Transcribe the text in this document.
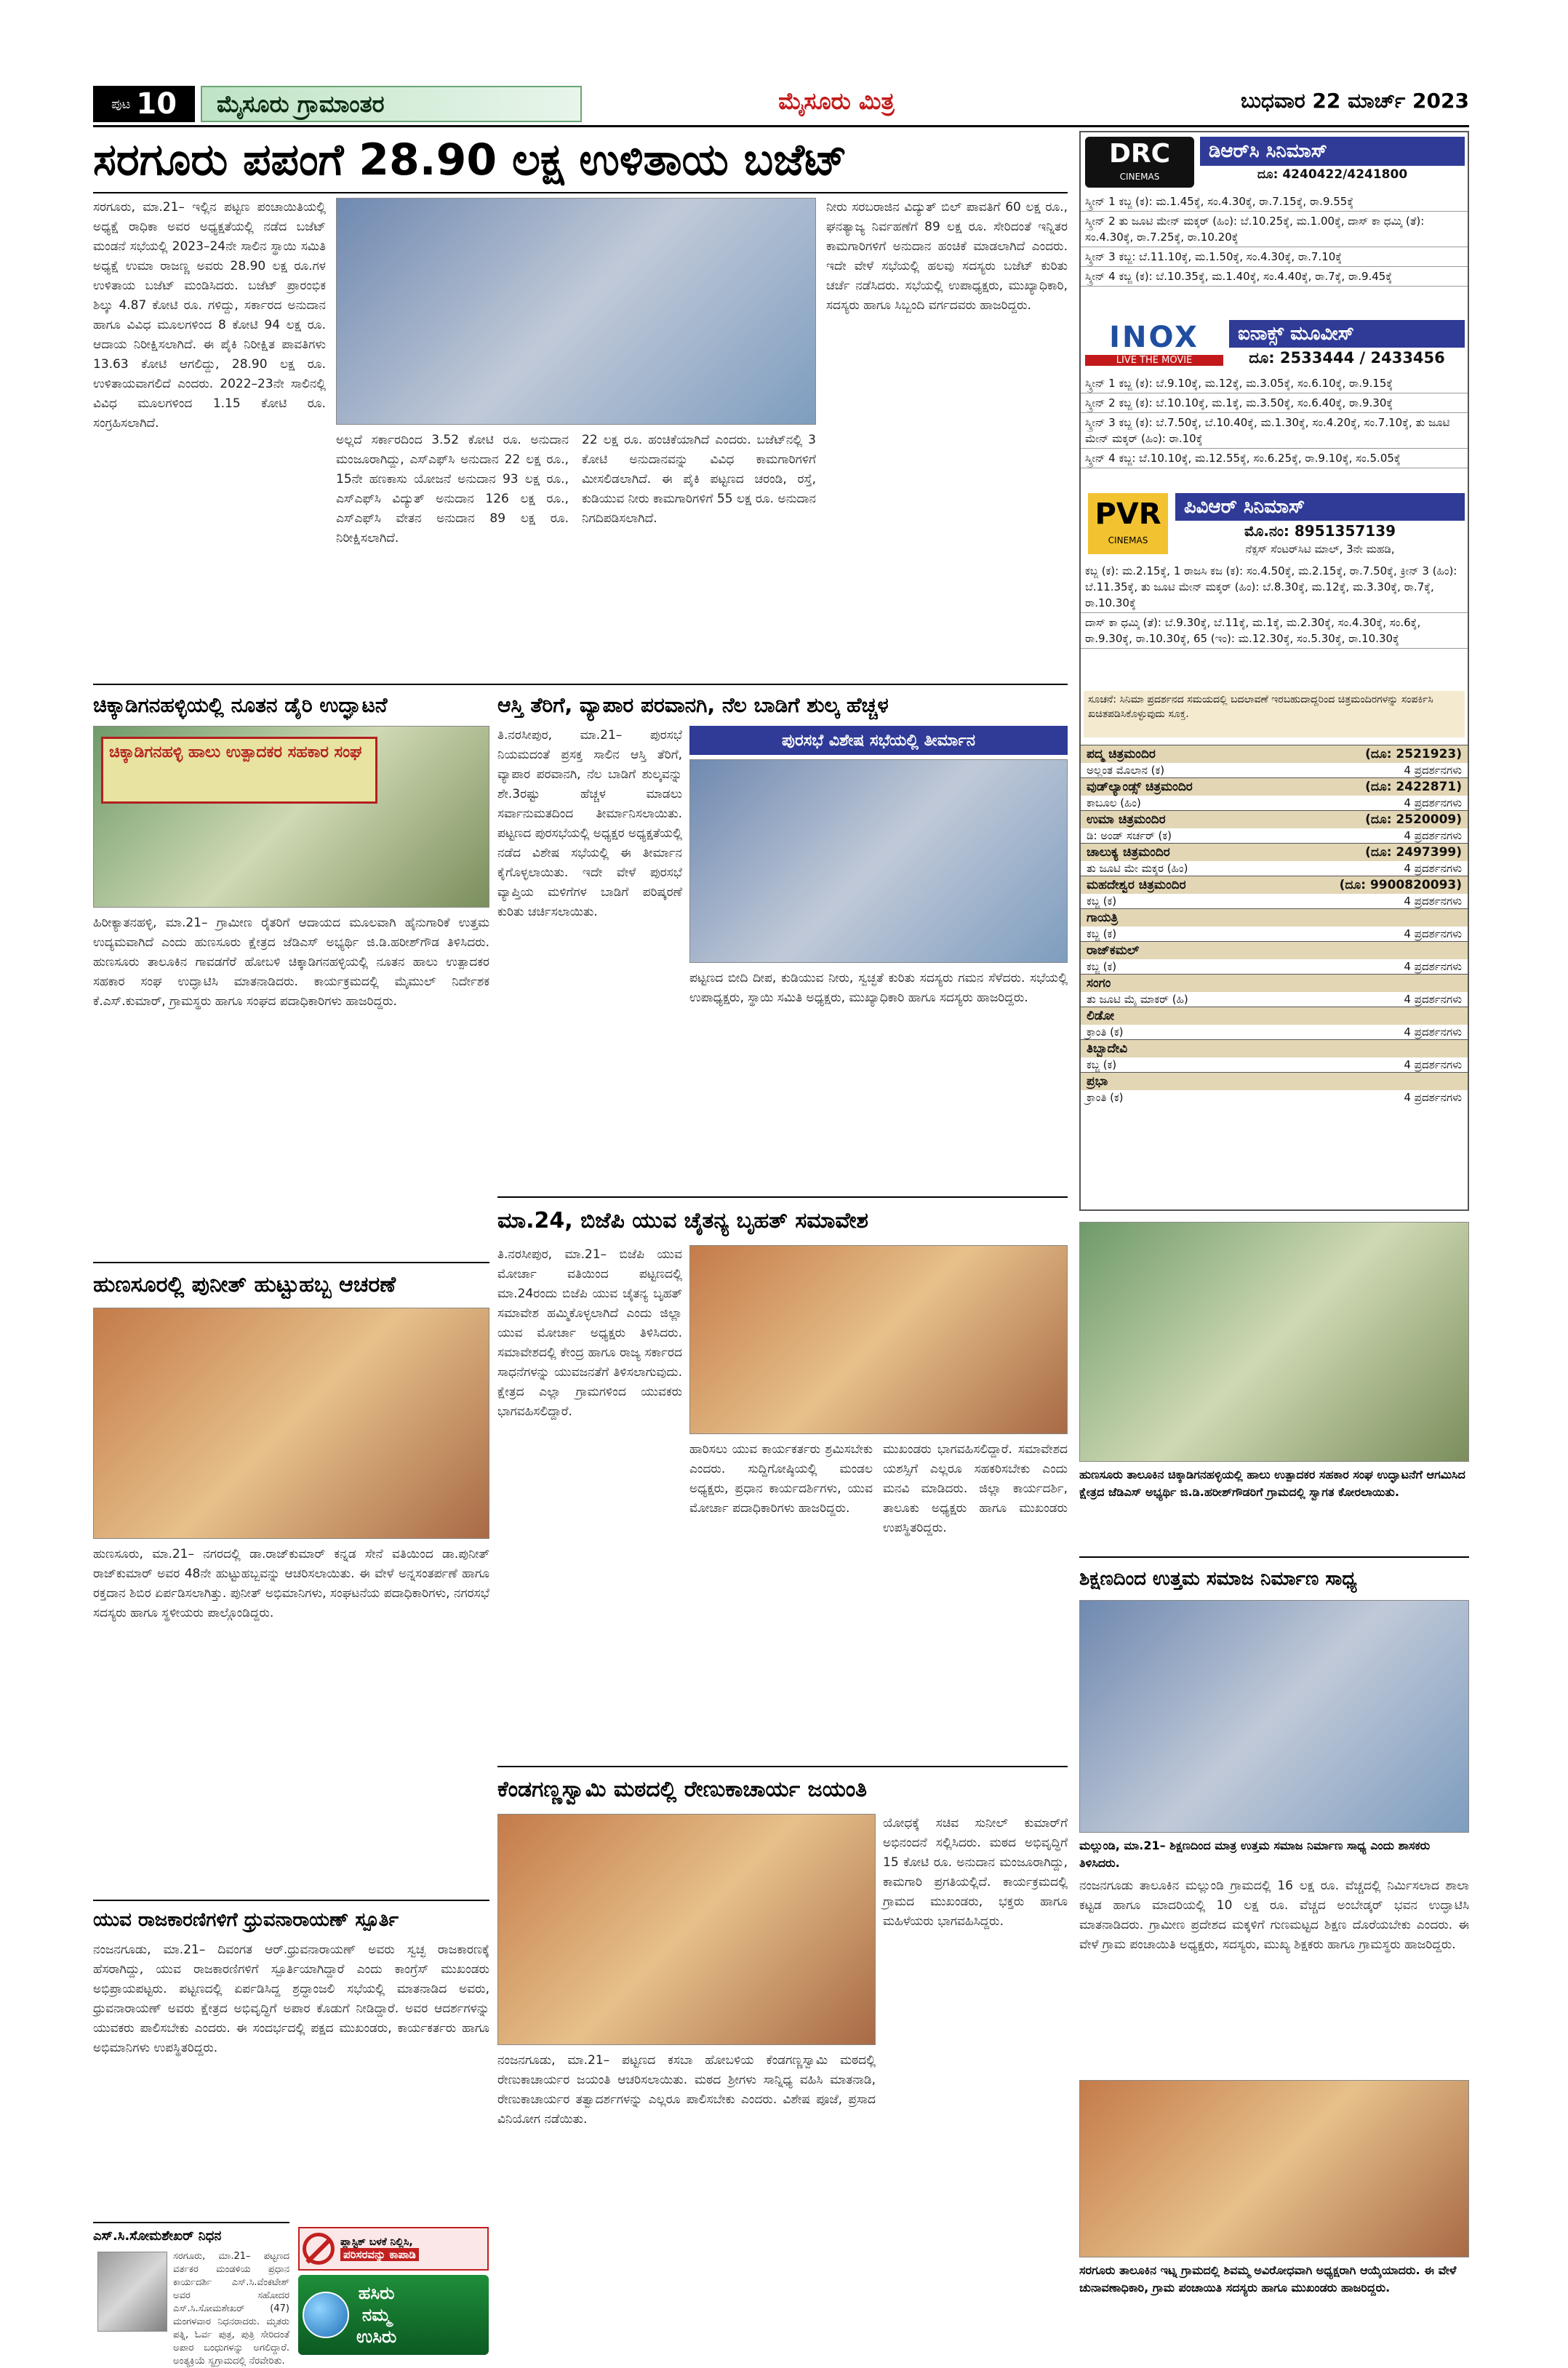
ಪುಟ 10 ಮೈಸೂರು ಗ್ರಾಮಾಂತರ	ಮೈಸೂರು ಮಿತ್ರ	ಬುಧವಾರ 22 ಮಾರ್ಚ್ 2023
ಸರಗೂರು ಪಪಂಗೆ 28.90 ಲಕ್ಷ ಉಳಿತಾಯ ಬಜೆಟ್
ಸರಗೂರು, ಮಾ.21– ಇಲ್ಲಿನ ಪಟ್ಟಣ ಪಂಚಾಯಿತಿಯಲ್ಲಿ ಅಧ್ಯಕ್ಷೆ ರಾಧಿಕಾ ಅವರ ಅಧ್ಯಕ್ಷತೆಯಲ್ಲಿ ನಡೆದ ಬಜೆಟ್ ಮಂಡನೆ ಸಭೆಯಲ್ಲಿ 2023–24ನೇ ಸಾಲಿನ ಸ್ಥಾಯಿ ಸಮಿತಿ ಅಧ್ಯಕ್ಷೆ ಉಮಾ ರಾಜಣ್ಣ ಅವರು 28.90 ಲಕ್ಷ ರೂ.ಗಳ ಉಳಿತಾಯ ಬಜೆಟ್ ಮಂಡಿಸಿದರು. ಬಜೆಟ್ ಪ್ರಾರಂಭಿಕ ಶಿಲ್ಕು 4.87 ಕೋಟಿ ರೂ. ಗಳಿದ್ದು, ಸರ್ಕಾರದ ಅನುದಾನ ಹಾಗೂ ವಿವಿಧ ಮೂಲಗಳಿಂದ 8 ಕೋಟಿ 94 ಲಕ್ಷ ರೂ. ಆದಾಯ ನಿರೀಕ್ಷಿಸಲಾಗಿದೆ. ಈ ಪೈಕಿ ನಿರೀಕ್ಷಿತ ಪಾವತಿಗಳು 13.63 ಕೋಟಿ ಆಗಲಿದ್ದು, 28.90 ಲಕ್ಷ ರೂ. ಉಳಿತಾಯವಾಗಲಿದೆ ಎಂದರು. 2022–23ನೇ ಸಾಲಿನಲ್ಲಿ ವಿವಿಧ ಮೂಲಗಳಿಂದ 1.15 ಕೋಟಿ ರೂ. ಸಂಗ್ರಹಿಸಲಾಗಿದೆ.
ಅಲ್ಲದೆ ಸರ್ಕಾರದಿಂದ 3.52 ಕೋಟಿ ರೂ. ಅನುದಾನ ಮಂಜೂರಾಗಿದ್ದು, ಎಸ್‌ಎಫ್‌ಸಿ ಅನುದಾನ 22 ಲಕ್ಷ ರೂ., 15ನೇ ಹಣಕಾಸು ಯೋಜನೆ ಅನುದಾನ 93 ಲಕ್ಷ ರೂ., ಎಸ್‌ಎಫ್‌ಸಿ ವಿದ್ಯುತ್ ಅನುದಾನ 126 ಲಕ್ಷ ರೂ., ಎಸ್‌ಎಫ್‌ಸಿ ವೇತನ ಅನುದಾನ 89 ಲಕ್ಷ ರೂ. ನಿರೀಕ್ಷಿಸಲಾಗಿದೆ.
22 ಲಕ್ಷ ರೂ. ಹಂಚಿಕೆಯಾಗಿದೆ ಎಂದರು. ಬಜೆಟ್‌ನಲ್ಲಿ 3 ಕೋಟಿ ಅನುದಾನವನ್ನು ವಿವಿಧ ಕಾಮಗಾರಿಗಳಿಗೆ ಮೀಸಲಿಡಲಾಗಿದೆ. ಈ ಪೈಕಿ ಪಟ್ಟಣದ ಚರಂಡಿ, ರಸ್ತೆ, ಕುಡಿಯುವ ನೀರು ಕಾಮಗಾರಿಗಳಿಗೆ 55 ಲಕ್ಷ ರೂ. ಅನುದಾನ ನಿಗದಿಪಡಿಸಲಾಗಿದೆ.
ನೀರು ಸರಬರಾಜಿನ ವಿದ್ಯುತ್ ಬಿಲ್ ಪಾವತಿಗೆ 60 ಲಕ್ಷ ರೂ., ಘನತ್ಯಾಜ್ಯ ನಿರ್ವಹಣೆಗೆ 89 ಲಕ್ಷ ರೂ. ಸೇರಿದಂತೆ ಇನ್ನಿತರ ಕಾಮಗಾರಿಗಳಿಗೆ ಅನುದಾನ ಹಂಚಿಕೆ ಮಾಡಲಾಗಿದೆ ಎಂದರು. ಇದೇ ವೇಳೆ ಸಭೆಯಲ್ಲಿ ಹಲವು ಸದಸ್ಯರು ಬಜೆಟ್ ಕುರಿತು ಚರ್ಚೆ ನಡೆಸಿದರು. ಸಭೆಯಲ್ಲಿ ಉಪಾಧ್ಯಕ್ಷರು, ಮುಖ್ಯಾಧಿಕಾರಿ, ಸದಸ್ಯರು ಹಾಗೂ ಸಿಬ್ಬಂದಿ ವರ್ಗದವರು ಹಾಜರಿದ್ದರು.
DRC
CINEMAS
ಡಿಆರ್‌ಸಿ ಸಿನಿಮಾಸ್
ದೂ: 4240422/4241800
ಸ್ಕ್ರೀನ್ 1 ಕಬ್ಜ (ಕ): ಮ.1.45ಕ್ಕೆ, ಸಂ.4.30ಕ್ಕೆ, ರಾ.7.15ಕ್ಕೆ, ರಾ.9.55ಕ್ಕೆ
ಸ್ಕ್ರೀನ್ 2 ತು ಜೂಟಿ ಮೇನ್ ಮಕ್ಕರ್ (ಹಿಂ): ಬೆ.10.25ಕ್ಕೆ, ಮ.1.00ಕ್ಕೆ, ದಾಸ್ ಕಾ ಧಮ್ಕಿ (ತೆ): ಸಂ.4.30ಕ್ಕೆ, ರಾ.7.25ಕ್ಕೆ, ರಾ.10.20ಕ್ಕೆ
ಸ್ಕ್ರೀನ್ 3 ಕಬ್ಜ: ಬೆ.11.10ಕ್ಕೆ, ಮ.1.50ಕ್ಕೆ, ಸಂ.4.30ಕ್ಕೆ, ರಾ.7.10ಕ್ಕೆ
ಸ್ಕ್ರೀನ್ 4 ಕಬ್ಜ (ಕ): ಬೆ.10.35ಕ್ಕೆ, ಮ.1.40ಕ್ಕೆ, ಸಂ.4.40ಕ್ಕೆ, ರಾ.7ಕ್ಕೆ, ರಾ.9.45ಕ್ಕೆ
INOX
LIVE THE MOVIE
ಐನಾಕ್ಸ್ ಮೂವೀಸ್
ದೂ: 2533444 / 2433456
ಸ್ಕ್ರೀನ್ 1 ಕಬ್ಜ (ಕ): ಬೆ.9.10ಕ್ಕೆ, ಮ.12ಕ್ಕೆ, ಮ.3.05ಕ್ಕೆ, ಸಂ.6.10ಕ್ಕೆ, ರಾ.9.15ಕ್ಕೆ
ಸ್ಕ್ರೀನ್ 2 ಕಬ್ಜ (ಕ): ಬೆ.10.10ಕ್ಕೆ, ಮ.1ಕ್ಕೆ, ಮ.3.50ಕ್ಕೆ, ಸಂ.6.40ಕ್ಕೆ, ರಾ.9.30ಕ್ಕೆ
ಸ್ಕ್ರೀನ್ 3 ಕಬ್ಜ (ಕ): ಬೆ.7.50ಕ್ಕೆ, ಬೆ.10.40ಕ್ಕೆ, ಮ.1.30ಕ್ಕೆ, ಸಂ.4.20ಕ್ಕೆ, ಸಂ.7.10ಕ್ಕೆ, ತು ಜೂಟಿ ಮೇನ್ ಮಕ್ಕರ್ (ಹಿಂ): ರಾ.10ಕ್ಕೆ
ಸ್ಕ್ರೀನ್ 4 ಕಬ್ಜ: ಬೆ.10.10ಕ್ಕೆ, ಮ.12.55ಕ್ಕೆ, ಸಂ.6.25ಕ್ಕೆ, ರಾ.9.10ಕ್ಕೆ, ಸಂ.5.05ಕ್ಕೆ
PVR
CINEMAS
ಪಿವಿಆರ್ ಸಿನಿಮಾಸ್
ಮೊ.ನಂ: 8951357139
ನೆಕ್ಸಸ್ ಸೆಂಟರ್‌ಸಿಟಿ ಮಾಲ್, 3ನೇ ಮಹಡಿ,
ಕಬ್ಜ (ಕ): ಮ.2.15ಕ್ಕೆ, 1 ರಾಜಸಿ ಕಜ (ಕ): ಸಂ.4.50ಕ್ಕೆ, ಮ.2.15ಕ್ಕೆ, ರಾ.7.50ಕ್ಕೆ, ಕ್ರೀನ್ 3 (ಹಿಂ): ಬೆ.11.35ಕ್ಕೆ, ತು ಜೂಟಿ ಮೇನ್ ಮಕ್ಕರ್ (ಹಿಂ): ಬೆ.8.30ಕ್ಕೆ, ಮ.12ಕ್ಕೆ, ಮ.3.30ಕ್ಕೆ, ರಾ.7ಕ್ಕೆ, ರಾ.10.30ಕ್ಕೆ
ದಾಸ್ ಕಾ ಧಮ್ಕಿ (ತೆ): ಬೆ.9.30ಕ್ಕೆ, ಬೆ.11ಕ್ಕೆ, ಮ.1ಕ್ಕೆ, ಮ.2.30ಕ್ಕೆ, ಸಂ.4.30ಕ್ಕೆ, ಸಂ.6ಕ್ಕೆ, ರಾ.9.30ಕ್ಕೆ, ರಾ.10.30ಕ್ಕೆ, 65 (ಇಂ): ಮ.12.30ಕ್ಕೆ, ಸಂ.5.30ಕ್ಕೆ, ರಾ.10.30ಕ್ಕೆ
ಸೂಚನೆ: ಸಿನಿಮಾ ಪ್ರದರ್ಶನದ ಸಮಯದಲ್ಲಿ ಬದಲಾವಣೆ ಇರಬಹುದಾದ್ದರಿಂದ ಚಿತ್ರಮಂದಿರಗಳನ್ನು ಸಂಪರ್ಕಿಸಿ ಖಚಿತಪಡಿಸಿಕೊಳ್ಳುವುದು ಸೂಕ್ತ.
ಪದ್ಮ ಚಿತ್ರಮಂದಿರ	(ದೂ: 2521923)
ಅಲ್ಲಂತ ಮೊಲಾನ (ಕ)	4 ಪ್ರದರ್ಶನಗಳು
ವುಡ್‌ಲ್ಯಾಂಡ್ಸ್ ಚಿತ್ರಮಂದಿರ	(ದೂ: 2422871)
ಕಾಬೂಲ (ಹಿಂ)	4 ಪ್ರದರ್ಶನಗಳು
ಉಮಾ ಚಿತ್ರಮಂದಿರ	(ದೂ: 2520009)
ಡಿ: ಅಂಡ್ ಸರ್ಚರ್ (ಕ)	4 ಪ್ರದರ್ಶನಗಳು
ಚಾಲುಕ್ಯ ಚಿತ್ರಮಂದಿರ	(ದೂ: 2497399)
ತು ಜೂಟಿ ಮೇ ಮಕ್ಕರ (ಹಿಂ)	4 ಪ್ರದರ್ಶನಗಳು
ಮಹದೇಶ್ವರ ಚಿತ್ರಮಂದಿರ	(ದೂ: 9900820093)
ಕಬ್ಜ (ಕ)	4 ಪ್ರದರ್ಶನಗಳು
ಗಾಯತ್ರಿ
ಕಬ್ಜ (ಕ)	4 ಪ್ರದರ್ಶನಗಳು
ರಾಜ್‌ಕಮಲ್
ಕಬ್ಜ (ಕ)	4 ಪ್ರದರ್ಶನಗಳು
ಸಂಗಂ
ತು ಜೂಟಿ ಮೈ ಮಾಕರ್ (ಹಿ)	4 ಪ್ರದರ್ಶನಗಳು
ಲಿಡೋ
ಕ್ರಾಂತಿ (ಕ)	4 ಪ್ರದರ್ಶನಗಳು
ತಿಬ್ಬಾದೇವಿ
ಕಬ್ಜ (ಕ)	4 ಪ್ರದರ್ಶನಗಳು
ಪ್ರಭಾ
ಕ್ರಾಂತಿ (ಕ)	4 ಪ್ರದರ್ಶನಗಳು
ಚಿಕ್ಕಾಡಿಗನಹಳ್ಳಿಯಲ್ಲಿ ನೂತನ ಡೈರಿ ಉದ್ಘಾಟನೆ
ಚಿಕ್ಕಾಡಿಗನಹಳ್ಳಿ ಹಾಲು ಉತ್ಪಾದಕರ ಸಹಕಾರ ಸಂಘ
ಹಿರೀಕ್ಯಾತನಹಳ್ಳಿ, ಮಾ.21– ಗ್ರಾಮೀಣ ರೈತರಿಗೆ ಆದಾಯದ ಮೂಲವಾಗಿ ಹೈನುಗಾರಿಕೆ ಉತ್ತಮ ಉದ್ಯಮವಾಗಿದೆ ಎಂದು ಹುಣಸೂರು ಕ್ಷೇತ್ರದ ಜೆಡಿಎಸ್ ಅಭ್ಯರ್ಥಿ ಜಿ.ಡಿ.ಹರೀಶ್‌ಗೌಡ ತಿಳಿಸಿದರು. ಹುಣಸೂರು ತಾಲೂಕಿನ ಗಾವಡಗೆರೆ ಹೋಬಳಿ ಚಿಕ್ಕಾಡಿಗನಹಳ್ಳಿಯಲ್ಲಿ ನೂತನ ಹಾಲು ಉತ್ಪಾದಕರ ಸಹಕಾರ ಸಂಘ ಉದ್ಘಾಟಿಸಿ ಮಾತನಾಡಿದರು. ಕಾರ್ಯಕ್ರಮದಲ್ಲಿ ಮೈಮುಲ್ ನಿರ್ದೇಶಕ ಕೆ.ಎಸ್.ಕುಮಾರ್, ಗ್ರಾಮಸ್ಥರು ಹಾಗೂ ಸಂಘದ ಪದಾಧಿಕಾರಿಗಳು ಹಾಜರಿದ್ದರು.
ಹುಣಸೂರಲ್ಲಿ ಪುನೀತ್ ಹುಟ್ಟುಹಬ್ಬ ಆಚರಣೆ
ಹುಣಸೂರು, ಮಾ.21– ನಗರದಲ್ಲಿ ಡಾ.ರಾಜ್‌ಕುಮಾರ್ ಕನ್ನಡ ಸೇನೆ ವತಿಯಿಂದ ಡಾ.ಪುನೀತ್ ರಾಜ್‌ಕುಮಾರ್ ಅವರ 48ನೇ ಹುಟ್ಟುಹಬ್ಬವನ್ನು ಆಚರಿಸಲಾಯಿತು. ಈ ವೇಳೆ ಅನ್ನಸಂತರ್ಪಣೆ ಹಾಗೂ ರಕ್ತದಾನ ಶಿಬಿರ ಏರ್ಪಡಿಸಲಾಗಿತ್ತು. ಪುನೀತ್ ಅಭಿಮಾನಿಗಳು, ಸಂಘಟನೆಯ ಪದಾಧಿಕಾರಿಗಳು, ನಗರಸಭೆ ಸದಸ್ಯರು ಹಾಗೂ ಸ್ಥಳೀಯರು ಪಾಲ್ಗೊಂಡಿದ್ದರು.
ಯುವ ರಾಜಕಾರಣಿಗಳಿಗೆ ಧ್ರುವನಾರಾಯಣ್ ಸ್ಪೂರ್ತಿ
ನಂಜನಗೂಡು, ಮಾ.21– ದಿವಂಗತ ಆರ್.ಧ್ರುವನಾರಾಯಣ್ ಅವರು ಸ್ವಚ್ಛ ರಾಜಕಾರಣಕ್ಕೆ ಹೆಸರಾಗಿದ್ದು, ಯುವ ರಾಜಕಾರಣಿಗಳಿಗೆ ಸ್ಪೂರ್ತಿಯಾಗಿದ್ದಾರೆ ಎಂದು ಕಾಂಗ್ರೆಸ್ ಮುಖಂಡರು ಅಭಿಪ್ರಾಯಪಟ್ಟರು. ಪಟ್ಟಣದಲ್ಲಿ ಏರ್ಪಡಿಸಿದ್ದ ಶ್ರದ್ಧಾಂಜಲಿ ಸಭೆಯಲ್ಲಿ ಮಾತನಾಡಿದ ಅವರು, ಧ್ರುವನಾರಾಯಣ್ ಅವರು ಕ್ಷೇತ್ರದ ಅಭಿವೃದ್ಧಿಗೆ ಅಪಾರ ಕೊಡುಗೆ ನೀಡಿದ್ದಾರೆ. ಅವರ ಆದರ್ಶಗಳನ್ನು ಯುವಕರು ಪಾಲಿಸಬೇಕು ಎಂದರು. ಈ ಸಂದರ್ಭದಲ್ಲಿ ಪಕ್ಷದ ಮುಖಂಡರು, ಕಾರ್ಯಕರ್ತರು ಹಾಗೂ ಅಭಿಮಾನಿಗಳು ಉಪಸ್ಥಿತರಿದ್ದರು.
ಎಸ್.ಸಿ.ಸೋಮಶೇಖರ್ ನಿಧನ
ಸರಗೂರು, ಮಾ.21– ಪಟ್ಟಣದ ವರ್ತಕರ ಮಂಡಳಿಯ ಪ್ರಧಾನ ಕಾರ್ಯದರ್ಶಿ ಎಸ್.ಸಿ.ವೆಂಕಟೇಶ್ ಅವರ ಸಹೋದರ ಎಸ್.ಸಿ.ಸೋಮಶೇಖರ್ (47) ಮಂಗಳವಾರ ನಿಧನರಾದರು. ಮೃತರು ಪತ್ನಿ, ಓರ್ವ ಪುತ್ರ, ಪುತ್ರಿ ಸೇರಿದಂತೆ ಅಪಾರ ಬಂಧುಗಳನ್ನು ಅಗಲಿದ್ದಾರೆ. ಅಂತ್ಯಕ್ರಿಯೆ ಸ್ವಗ್ರಾಮದಲ್ಲಿ ನೆರವೇರಿತು.
ಪ್ಲಾಸ್ಟಿಕ್ ಬಳಕೆ ನಿಲ್ಲಿಸಿ,
ಪರಿಸರವನ್ನು ಕಾಪಾಡಿ
ಹಸಿರು
ನಮ್ಮ
ಉಸಿರು
ಆಸ್ತಿ ತೆರಿಗೆ, ವ್ಯಾಪಾರ ಪರವಾನಗಿ, ನೆಲ ಬಾಡಿಗೆ ಶುಲ್ಕ ಹೆಚ್ಚಳ
ಪುರಸಭೆ ವಿಶೇಷ ಸಭೆಯಲ್ಲಿ ತೀರ್ಮಾನ
ತಿ.ನರಸೀಪುರ, ಮಾ.21– ಪುರಸಭೆ ನಿಯಮದಂತೆ ಪ್ರಸಕ್ತ ಸಾಲಿನ ಆಸ್ತಿ ತೆರಿಗೆ, ವ್ಯಾಪಾರ ಪರವಾನಗಿ, ನೆಲ ಬಾಡಿಗೆ ಶುಲ್ಕವನ್ನು ಶೇ.3ರಷ್ಟು ಹೆಚ್ಚಳ ಮಾಡಲು ಸರ್ವಾನುಮತದಿಂದ ತೀರ್ಮಾನಿಸಲಾಯಿತು. ಪಟ್ಟಣದ ಪುರಸಭೆಯಲ್ಲಿ ಅಧ್ಯಕ್ಷರ ಅಧ್ಯಕ್ಷತೆಯಲ್ಲಿ ನಡೆದ ವಿಶೇಷ ಸಭೆಯಲ್ಲಿ ಈ ತೀರ್ಮಾನ ಕೈಗೊಳ್ಳಲಾಯಿತು. ಇದೇ ವೇಳೆ ಪುರಸಭೆ ವ್ಯಾಪ್ತಿಯ ಮಳಿಗೆಗಳ ಬಾಡಿಗೆ ಪರಿಷ್ಕರಣೆ ಕುರಿತು ಚರ್ಚಿಸಲಾಯಿತು.
ಪಟ್ಟಣದ ಬೀದಿ ದೀಪ, ಕುಡಿಯುವ ನೀರು, ಸ್ವಚ್ಛತೆ ಕುರಿತು ಸದಸ್ಯರು ಗಮನ ಸೆಳೆದರು. ಸಭೆಯಲ್ಲಿ ಉಪಾಧ್ಯಕ್ಷರು, ಸ್ಥಾಯಿ ಸಮಿತಿ ಅಧ್ಯಕ್ಷರು, ಮುಖ್ಯಾಧಿಕಾರಿ ಹಾಗೂ ಸದಸ್ಯರು ಹಾಜರಿದ್ದರು.
ಮಾ.24, ಬಿಜೆಪಿ ಯುವ ಚೈತನ್ಯ ಬೃಹತ್ ಸಮಾವೇಶ
ತಿ.ನರಸೀಪುರ, ಮಾ.21– ಬಿಜೆಪಿ ಯುವ ಮೋರ್ಚಾ ವತಿಯಿಂದ ಪಟ್ಟಣದಲ್ಲಿ ಮಾ.24ರಂದು ಬಿಜೆಪಿ ಯುವ ಚೈತನ್ಯ ಬೃಹತ್ ಸಮಾವೇಶ ಹಮ್ಮಿಕೊಳ್ಳಲಾಗಿದೆ ಎಂದು ಜಿಲ್ಲಾ ಯುವ ಮೋರ್ಚಾ ಅಧ್ಯಕ್ಷರು ತಿಳಿಸಿದರು. ಸಮಾವೇಶದಲ್ಲಿ ಕೇಂದ್ರ ಹಾಗೂ ರಾಜ್ಯ ಸರ್ಕಾರದ ಸಾಧನೆಗಳನ್ನು ಯುವಜನತೆಗೆ ತಿಳಿಸಲಾಗುವುದು. ಕ್ಷೇತ್ರದ ಎಲ್ಲಾ ಗ್ರಾಮಗಳಿಂದ ಯುವಕರು ಭಾಗವಹಿಸಲಿದ್ದಾರೆ.
ಹಾರಿಸಲು ಯುವ ಕಾರ್ಯಕರ್ತರು ಶ್ರಮಿಸಬೇಕು ಎಂದರು. ಸುದ್ದಿಗೋಷ್ಠಿಯಲ್ಲಿ ಮಂಡಲ ಅಧ್ಯಕ್ಷರು, ಪ್ರಧಾನ ಕಾರ್ಯದರ್ಶಿಗಳು, ಯುವ ಮೋರ್ಚಾ ಪದಾಧಿಕಾರಿಗಳು ಹಾಜರಿದ್ದರು.
ಮುಖಂಡರು ಭಾಗವಹಿಸಲಿದ್ದಾರೆ. ಸಮಾವೇಶದ ಯಶಸ್ಸಿಗೆ ಎಲ್ಲರೂ ಸಹಕರಿಸಬೇಕು ಎಂದು ಮನವಿ ಮಾಡಿದರು. ಜಿಲ್ಲಾ ಕಾರ್ಯದರ್ಶಿ, ತಾಲೂಕು ಅಧ್ಯಕ್ಷರು ಹಾಗೂ ಮುಖಂಡರು ಉಪಸ್ಥಿತರಿದ್ದರು.
ಕೆಂಡಗಣ್ಣಸ್ವಾಮಿ ಮಠದಲ್ಲಿ ರೇಣುಕಾಚಾರ್ಯ ಜಯಂತಿ
ನಂಜನಗೂಡು, ಮಾ.21– ಪಟ್ಟಣದ ಕಸಬಾ ಹೋಬಳಿಯ ಕೆಂಡಗಣ್ಣಸ್ವಾಮಿ ಮಠದಲ್ಲಿ ರೇಣುಕಾಚಾರ್ಯರ ಜಯಂತಿ ಆಚರಿಸಲಾಯಿತು. ಮಠದ ಶ್ರೀಗಳು ಸಾನ್ನಿಧ್ಯ ವಹಿಸಿ ಮಾತನಾಡಿ, ರೇಣುಕಾಚಾರ್ಯರ ತತ್ವಾದರ್ಶಗಳನ್ನು ಎಲ್ಲರೂ ಪಾಲಿಸಬೇಕು ಎಂದರು. ವಿಶೇಷ ಪೂಜೆ, ಪ್ರಸಾದ ವಿನಿಯೋಗ ನಡೆಯಿತು.
ಯೋಧಕ್ಕೆ ಸಚಿವ ಸುನೀಲ್ ಕುಮಾರ್‌ಗೆ ಅಭಿನಂದನೆ ಸಲ್ಲಿಸಿದರು. ಮಠದ ಅಭಿವೃದ್ಧಿಗೆ 15 ಕೋಟಿ ರೂ. ಅನುದಾನ ಮಂಜೂರಾಗಿದ್ದು, ಕಾಮಗಾರಿ ಪ್ರಗತಿಯಲ್ಲಿದೆ. ಕಾರ್ಯಕ್ರಮದಲ್ಲಿ ಗ್ರಾಮದ ಮುಖಂಡರು, ಭಕ್ತರು ಹಾಗೂ ಮಹಿಳೆಯರು ಭಾಗವಹಿಸಿದ್ದರು.
ಹುಣಸೂರು ತಾಲೂಕಿನ ಚಿಕ್ಕಾಡಿಗನಹಳ್ಳಿಯಲ್ಲಿ ಹಾಲು ಉತ್ಪಾದಕರ ಸಹಕಾರ ಸಂಘ ಉದ್ಘಾಟನೆಗೆ ಆಗಮಿಸಿದ ಕ್ಷೇತ್ರದ ಜೆಡಿಎಸ್ ಅಭ್ಯರ್ಥಿ ಜಿ.ಡಿ.ಹರೀಶ್‌ಗೌಡರಿಗೆ ಗ್ರಾಮದಲ್ಲಿ ಸ್ವಾಗತ ಕೋರಲಾಯಿತು.
ಶಿಕ್ಷಣದಿಂದ ಉತ್ತಮ ಸಮಾಜ ನಿರ್ಮಾಣ ಸಾಧ್ಯ
ಮಲ್ಲುಂಡಿ, ಮಾ.21– ಶಿಕ್ಷಣದಿಂದ ಮಾತ್ರ ಉತ್ತಮ ಸಮಾಜ ನಿರ್ಮಾಣ ಸಾಧ್ಯ ಎಂದು ಶಾಸಕರು ತಿಳಿಸಿದರು.
ನಂಜನಗೂಡು ತಾಲೂಕಿನ ಮಲ್ಲುಂಡಿ ಗ್ರಾಮದಲ್ಲಿ 16 ಲಕ್ಷ ರೂ. ವೆಚ್ಚದಲ್ಲಿ ನಿರ್ಮಿಸಲಾದ ಶಾಲಾ ಕಟ್ಟಡ ಹಾಗೂ ಮಾದರಿಯಲ್ಲಿ 10 ಲಕ್ಷ ರೂ. ವೆಚ್ಚದ ಅಂಬೇಡ್ಕರ್ ಭವನ ಉದ್ಘಾಟಿಸಿ ಮಾತನಾಡಿದರು. ಗ್ರಾಮೀಣ ಪ್ರದೇಶದ ಮಕ್ಕಳಿಗೆ ಗುಣಮಟ್ಟದ ಶಿಕ್ಷಣ ದೊರೆಯಬೇಕು ಎಂದರು. ಈ ವೇಳೆ ಗ್ರಾಮ ಪಂಚಾಯಿತಿ ಅಧ್ಯಕ್ಷರು, ಸದಸ್ಯರು, ಮುಖ್ಯ ಶಿಕ್ಷಕರು ಹಾಗೂ ಗ್ರಾಮಸ್ಥರು ಹಾಜರಿದ್ದರು.
ಸರಗೂರು ತಾಲೂಕಿನ ಇಟ್ನ ಗ್ರಾಮದಲ್ಲಿ ಶಿವಮ್ಮ ಅವಿರೋಧವಾಗಿ ಅಧ್ಯಕ್ಷರಾಗಿ ಆಯ್ಕೆಯಾದರು. ಈ ವೇಳೆ ಚುನಾವಣಾಧಿಕಾರಿ, ಗ್ರಾಮ ಪಂಚಾಯಿತಿ ಸದಸ್ಯರು ಹಾಗೂ ಮುಖಂಡರು ಹಾಜರಿದ್ದರು.
